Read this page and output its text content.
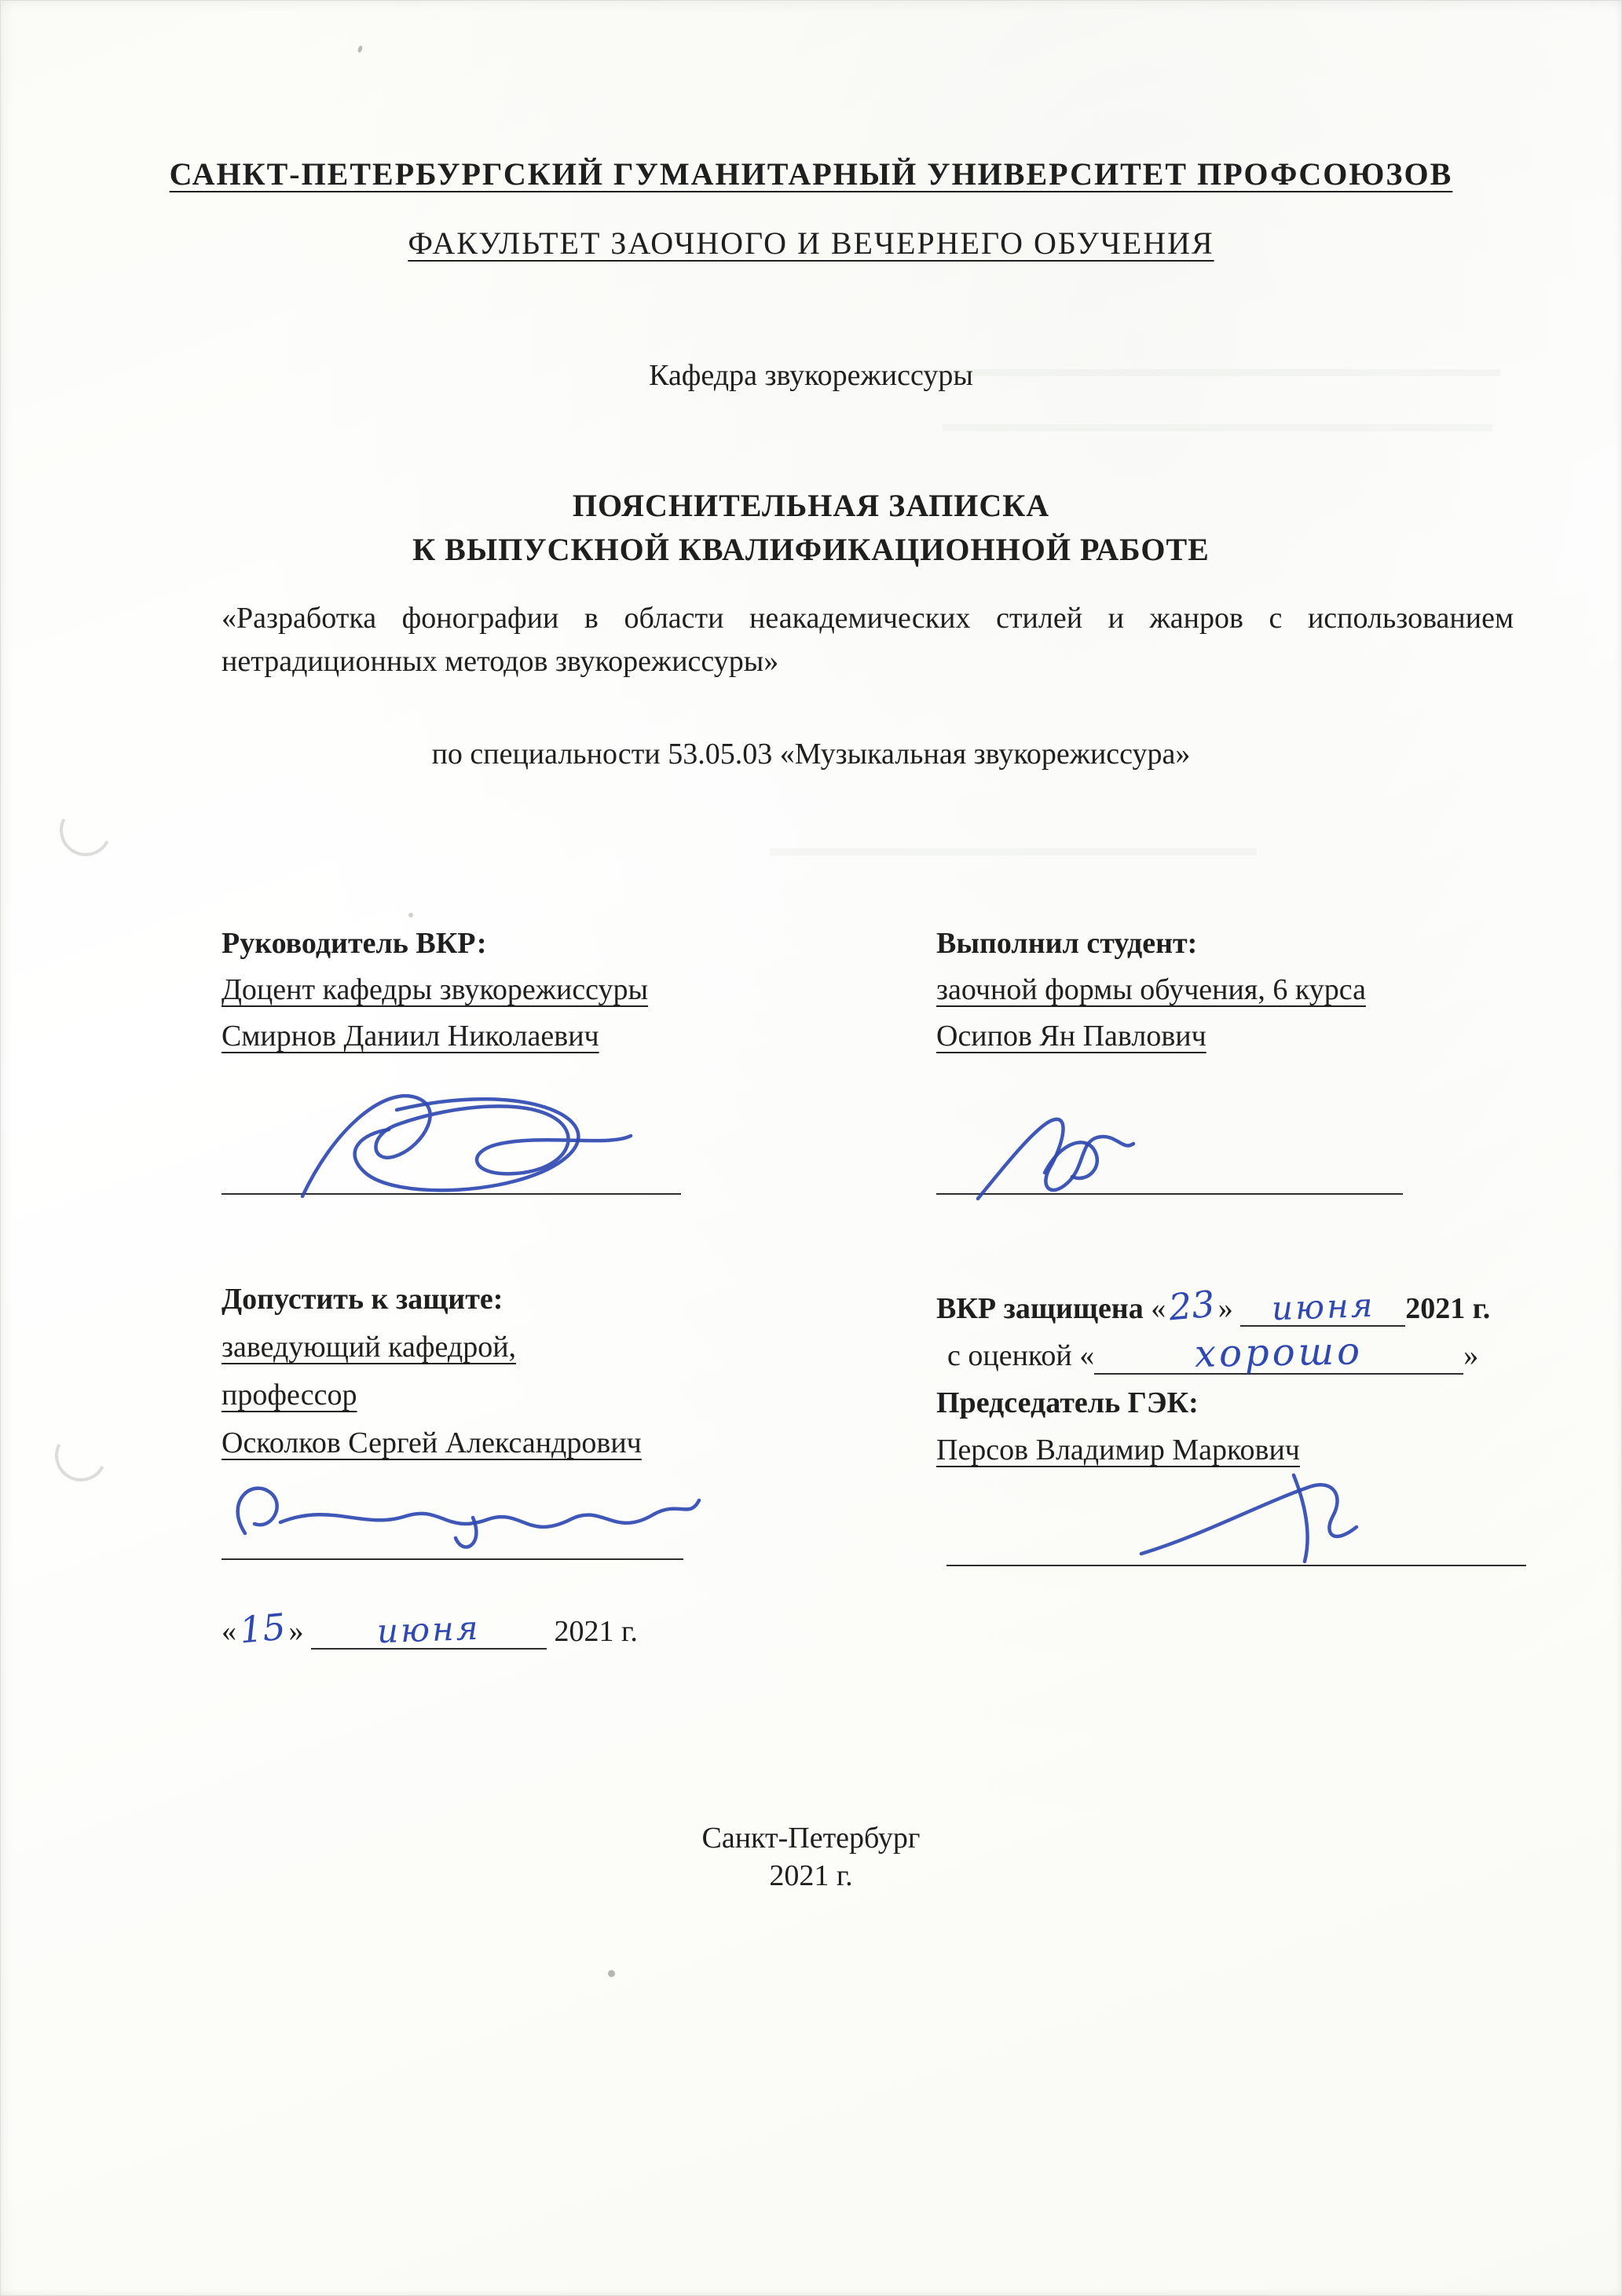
САНКТ-ПЕТЕРБУРГСКИЙ ГУМАНИТАРНЫЙ УНИВЕРСИТЕТ ПРОФСОЮЗОВ
ФАКУЛЬТЕТ ЗАОЧНОГО И ВЕЧЕРНЕГО ОБУЧЕНИЯ
Кафедра звукорежиссуры
ПОЯСНИТЕЛЬНАЯ ЗАПИСКА
К ВЫПУСКНОЙ КВАЛИФИКАЦИОННОЙ РАБОТЕ
«Разработка фонографии в области неакадемических стилей и жанров с использованием нетрадиционных методов звукорежиссуры»
по специальности 53.05.03 «Музыкальная звукорежиссура»
Руководитель ВКР:
Доцент кафедры звукорежиссуры
Смирнов Даниил Николаевич
Выполнил студент:
заочной формы обучения, 6 курса
Осипов Ян Павлович
Допустить к защите:
заведующий кафедрой,
профессор
Осколков Сергей Александрович
«15» июня 2021 г.
ВКР защищена «23» июня 2021 г.
с оценкой «	хорошо	»
Председатель ГЭК:
Персов Владимир Маркович
Санкт-Петербург
2021 г.
